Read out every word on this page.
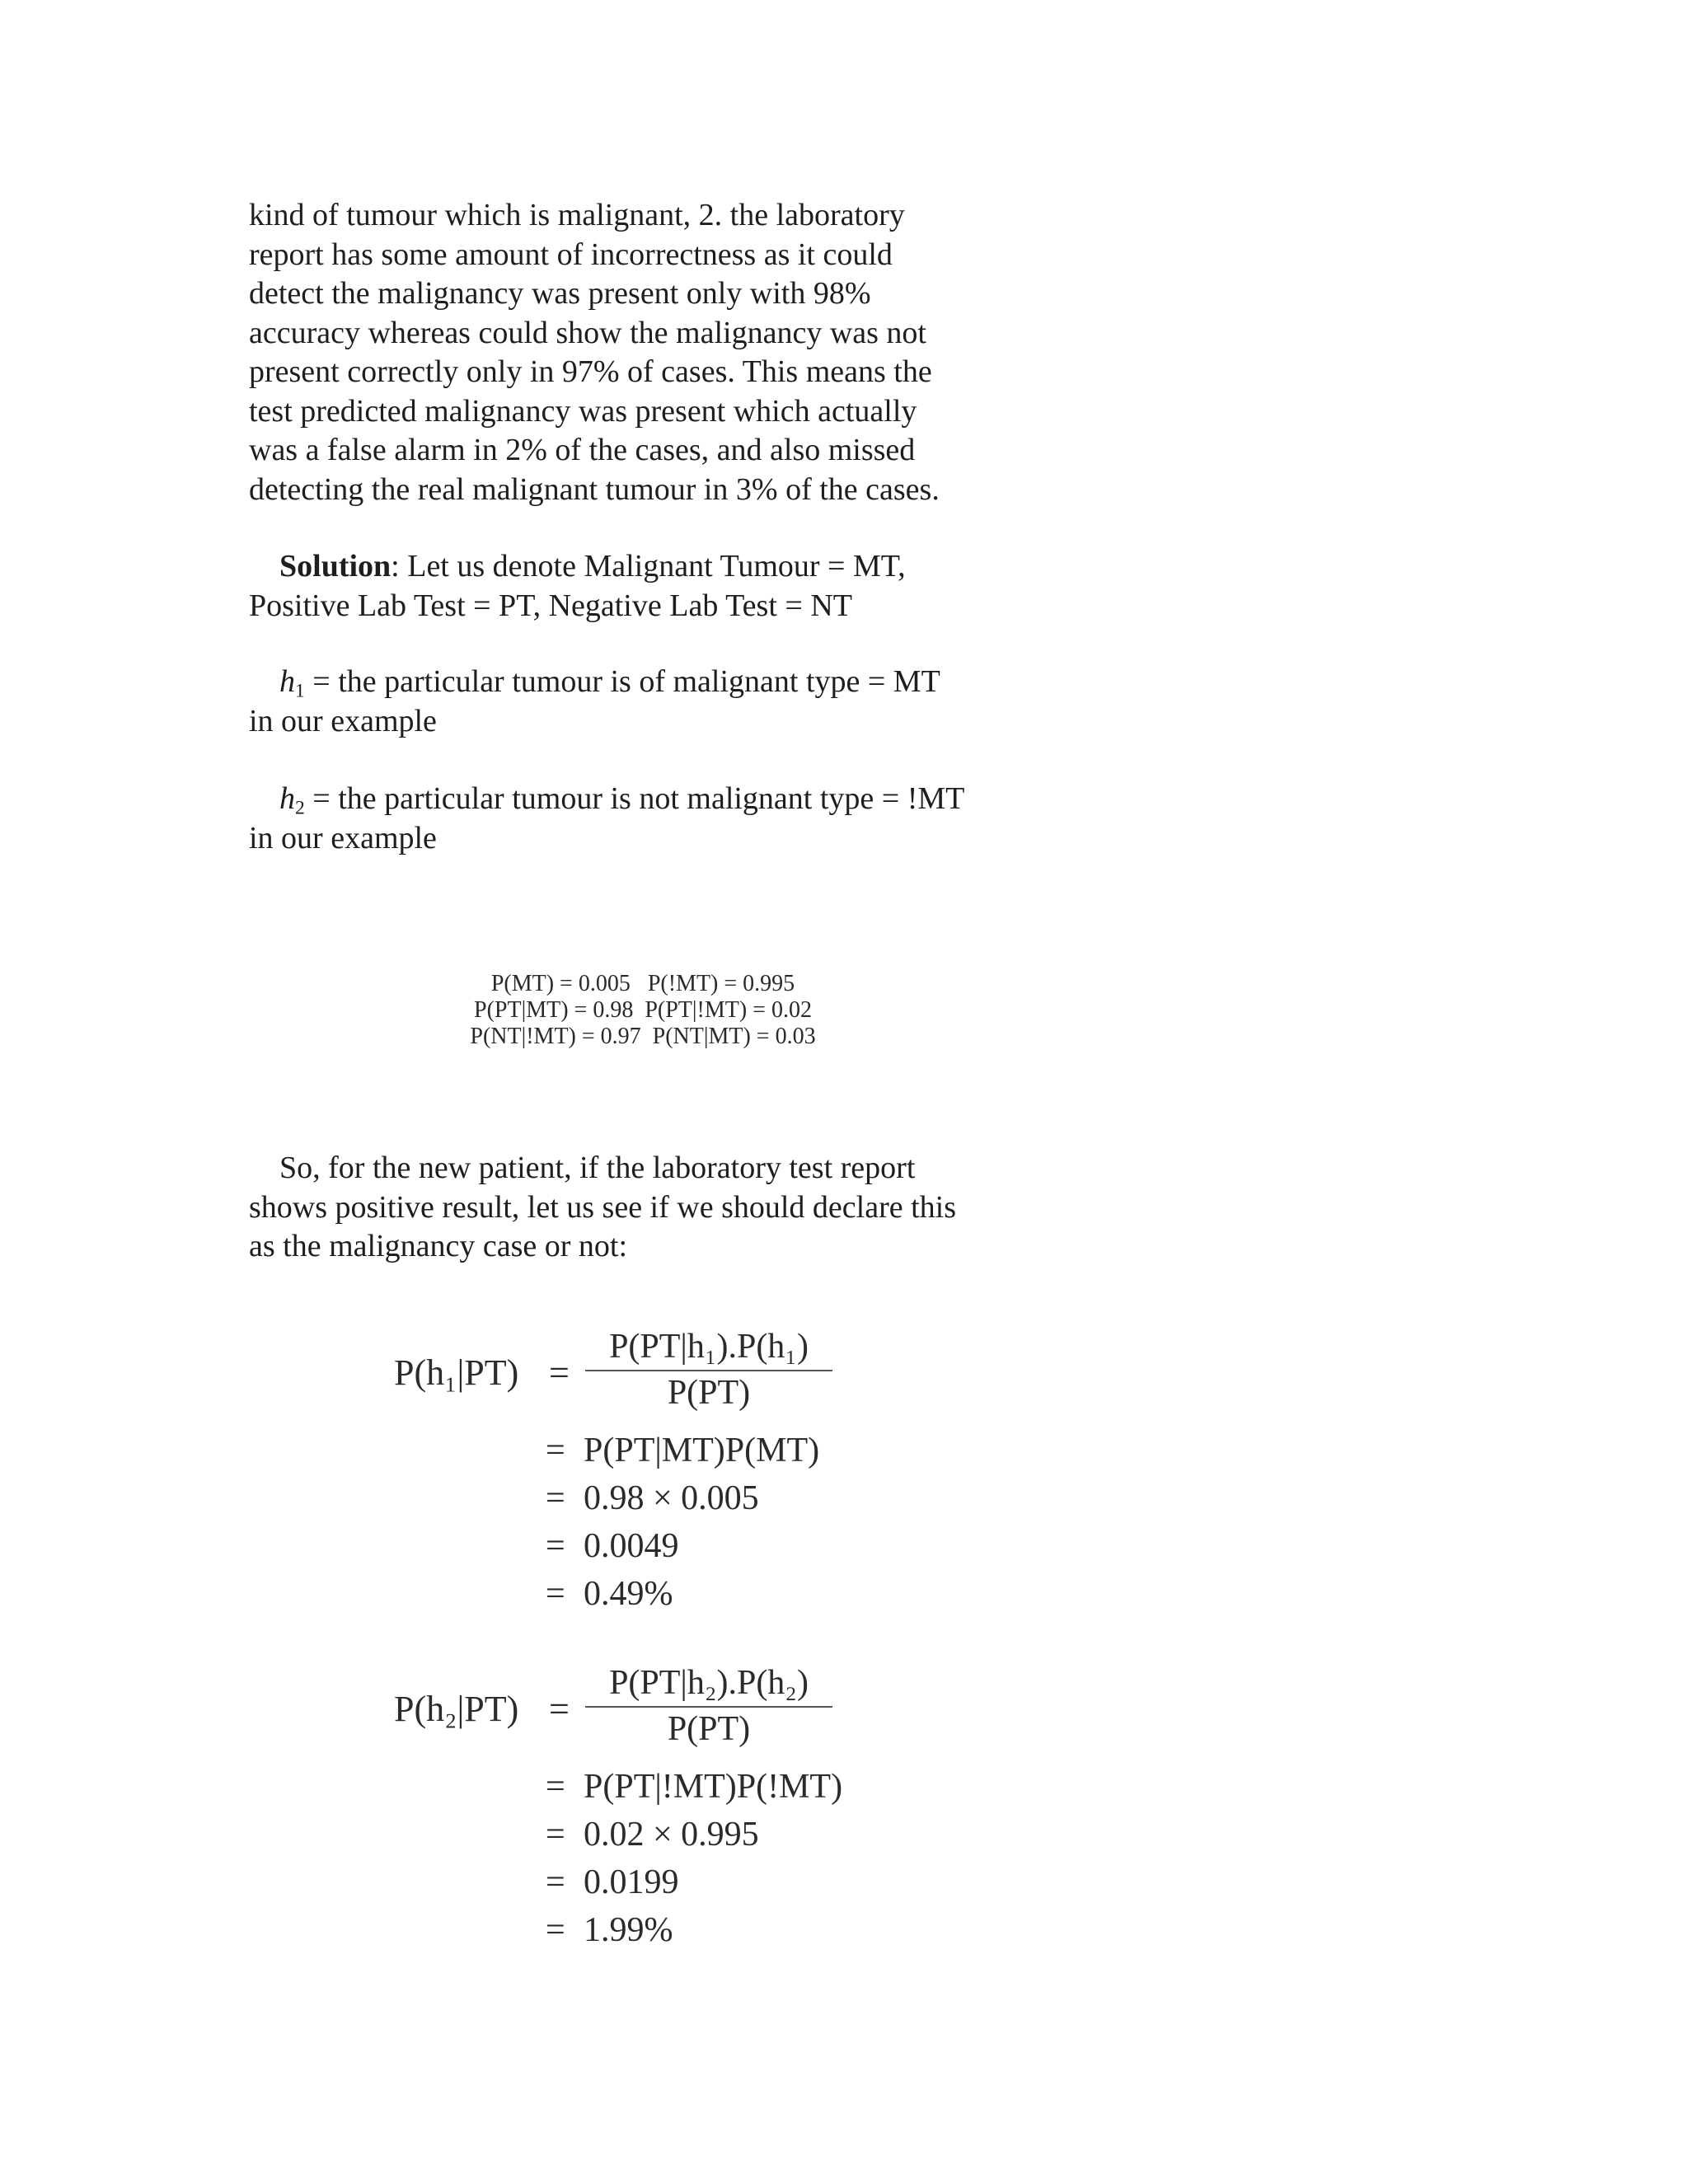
kind of tumour which is malignant, 2. the laboratory
report has some amount of incorrectness as it could
detect the malignancy was present only with 98%
accuracy whereas could show the malignancy was not
present correctly only in 97% of cases. This means the
test predicted malignancy was present which actually
was a false alarm in 2% of the cases, and also missed
detecting the real malignant tumour in 3% of the cases.
Solution: Let us denote Malignant Tumour = MT,
Positive Lab Test = PT, Negative Lab Test = NT
$h_1$ = the particular tumour is of malignant type = MT
in our example
$h_2$ = the particular tumour is not malignant type = !MT
in our example
P(MT) = 0.005   P(!MT) = 0.995
P(PT|MT) = 0.98  P(PT|!MT) = 0.02
P(NT|!MT) = 0.97  P(NT|MT) = 0.03
So, for the new patient, if the laboratory test report
shows positive result, let us see if we should declare this
as the malignancy case or not:
P(h₁|PT) =
P(PT|h₁).P(h₁)
P(PT)
= P(PT|MT)P(MT)
= 0.98 × 0.005
= 0.0049
= 0.49%
P(h₂|PT) =
P(PT|h₂).P(h₂)
P(PT)
= P(PT|!MT)P(!MT)
= 0.02 × 0.995
= 0.0199
= 1.99%
